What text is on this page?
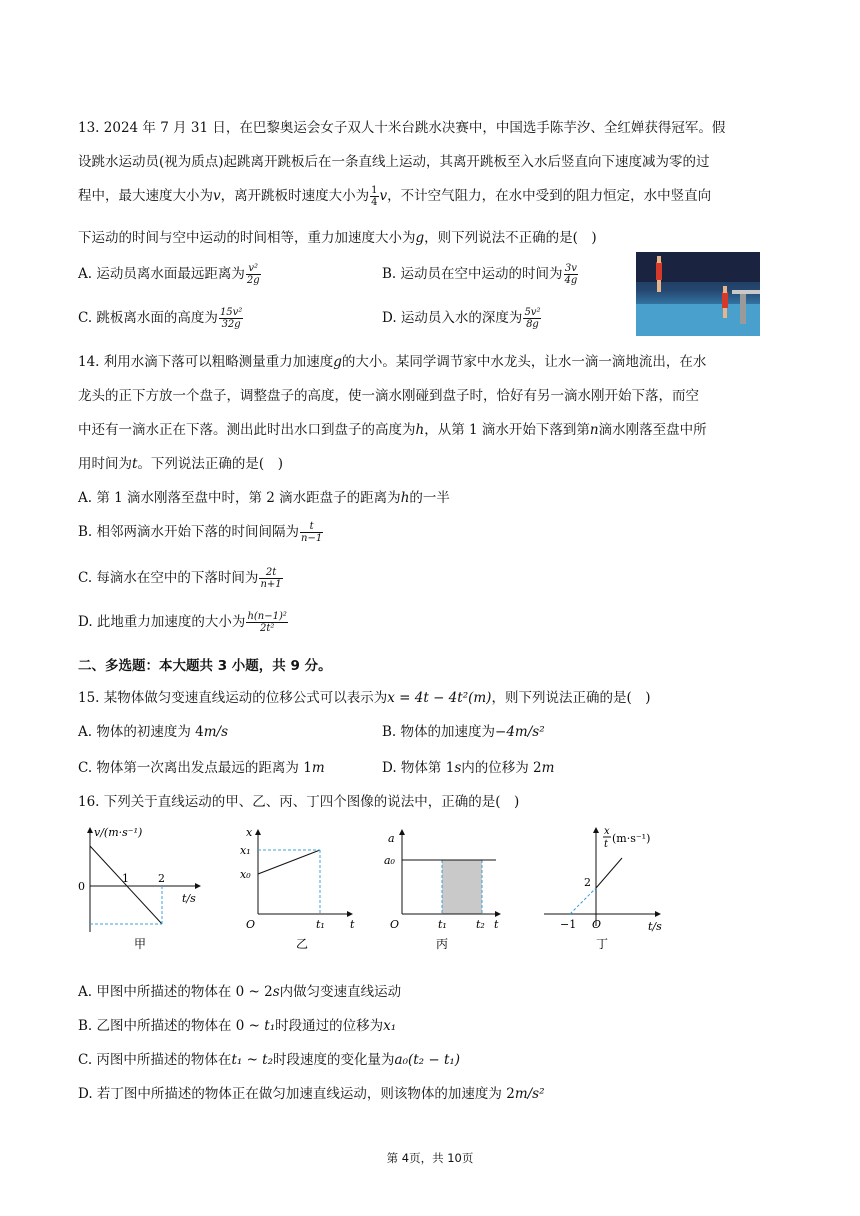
13. 2024 年 7 月 31 日，在巴黎奥运会女子双人十米台跳水决赛中，中国选手陈芋汐、全红婵获得冠军。假
设跳水运动员(视为质点)起跳离开跳板后在一条直线上运动，其离开跳板至入水后竖直向下速度减为零的过
程中，最大速度大小为v，离开跳板时速度大小为 $\frac{1}{4}$ v，不计空气阻力，在水中受到的阻力恒定，水中竖直向
下运动的时间与空中运动的时间相等，重力加速度大小为g，则下列说法不正确的是(　)
A. 运动员离水面最远距离为 $\frac{\text{v²}}{2g}$	B. 运动员在空中运动的时间为 $\frac{3v}{4g}$
C. 跳板离水面的高度为 $\frac{\text{15v²}}{32g}$	D. 运动员入水的深度为 $\frac{\text{5v²}}{8g}$
14. 利用水滴下落可以粗略测量重力加速度g的大小。某同学调节家中水龙头，让水一滴一滴地流出，在水
龙头的正下方放一个盘子，调整盘子的高度，使一滴水刚碰到盘子时，恰好有另一滴水刚开始下落，而空
中还有一滴水正在下落。测出此时出水口到盘子的高度为h，从第 1 滴水开始下落到第n滴水刚落至盘中所
用时间为t。下列说法正确的是(　)
A. 第 1 滴水刚落至盘中时，第 2 滴水距盘子的距离为h的一半
B. 相邻两滴水开始下落的时间间隔为 $\frac{t}{n-1}$
C. 每滴水在空中的下落时间为 $\frac{2t}{n+1}$
D. 此地重力加速度的大小为 $\frac{\text{h(n−1)²}}{\text{2t²}}$
二、多选题：本大题共 3 小题，共 9 分。
15. 某物体做匀变速直线运动的位移公式可以表示为x = 4t − 4t²(m)，则下列说法正确的是(　)
A. 物体的初速度为 4m/s	B. 物体的加速度为−4m/s²
C. 物体第一次离出发点最远的距离为 1m	D. 物体第 1s内的位移为 2m
16. 下列关于直线运动的甲、乙、丙、丁四个图像的说法中，正确的是(　)
v/(m·s⁻¹)
0
1	2
t/s
甲
x
x₁
x₀
O	t₁ t
乙
a
a₀
O	t₁	t₂ t
丙
x
t (m·s⁻¹)
2
−1 O	t/s
丁
A. 甲图中所描述的物体在 0 ~ 2s内做匀变速直线运动
B. 乙图中所描述的物体在 0 ~ t₁时段通过的位移为x₁
C. 丙图中所描述的物体在t₁ ~ t₂时段速度的变化量为a₀(t₂ − t₁)
D. 若丁图中所描述的物体正在做匀加速直线运动，则该物体的加速度为 2m/s²
第 4页，共 10页
